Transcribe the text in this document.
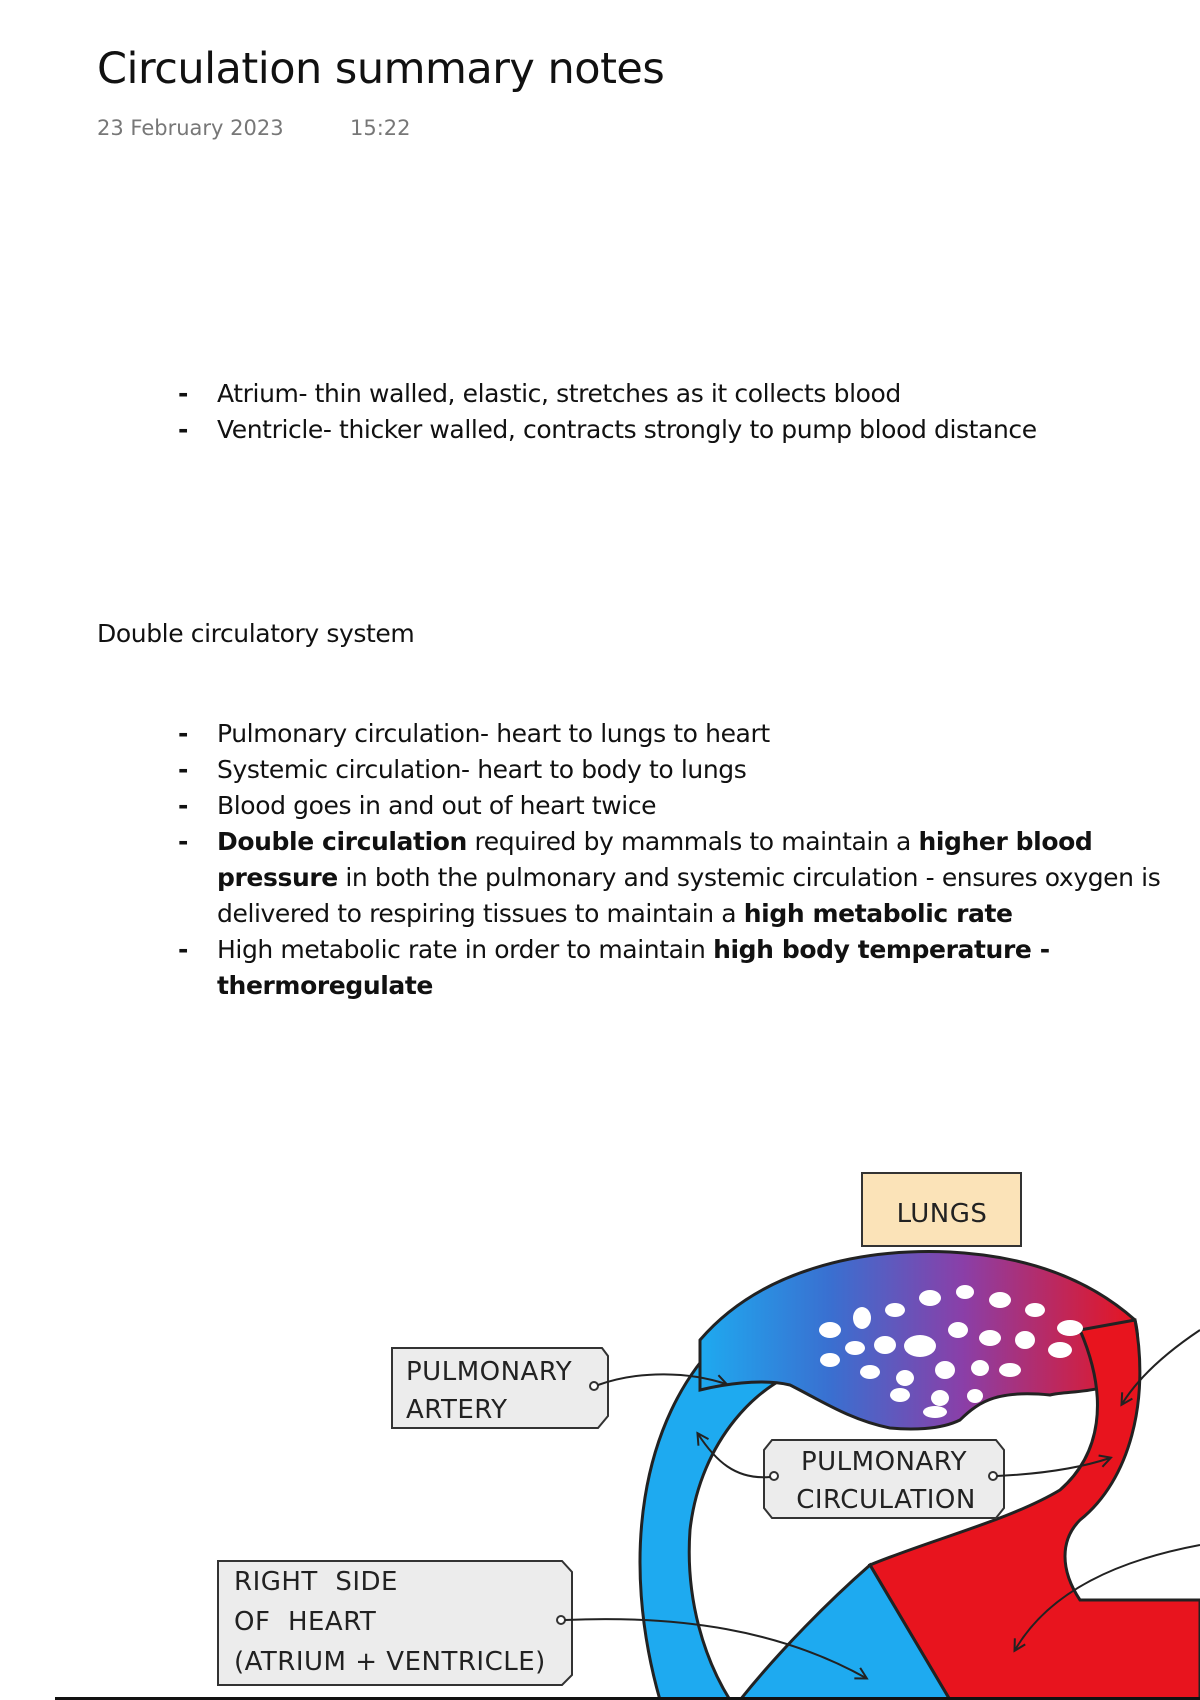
Circulation summary notes
23 February 2023	15:22
- Atrium- thin walled, elastic, stretches as it collects blood
- Ventricle- thicker walled, contracts strongly to pump blood distance
Double circulatory system
- Pulmonary circulation- heart to lungs to heart
- Systemic circulation- heart to body to lungs
- Blood goes in and out of heart twice
- Double circulation required by mammals to maintain a higher blood pressure in both the pulmonary and systemic circulation - ensures oxygen is delivered to respiring tissues to maintain a high metabolic rate
- High metabolic rate in order to maintain high body temperature - thermoregulate
LUNGS
PULMONARY
ARTERY
PULMONARY
CIRCULATION
RIGHT  SIDE
OF  HEART
(ATRIUM + VENTRICLE)
